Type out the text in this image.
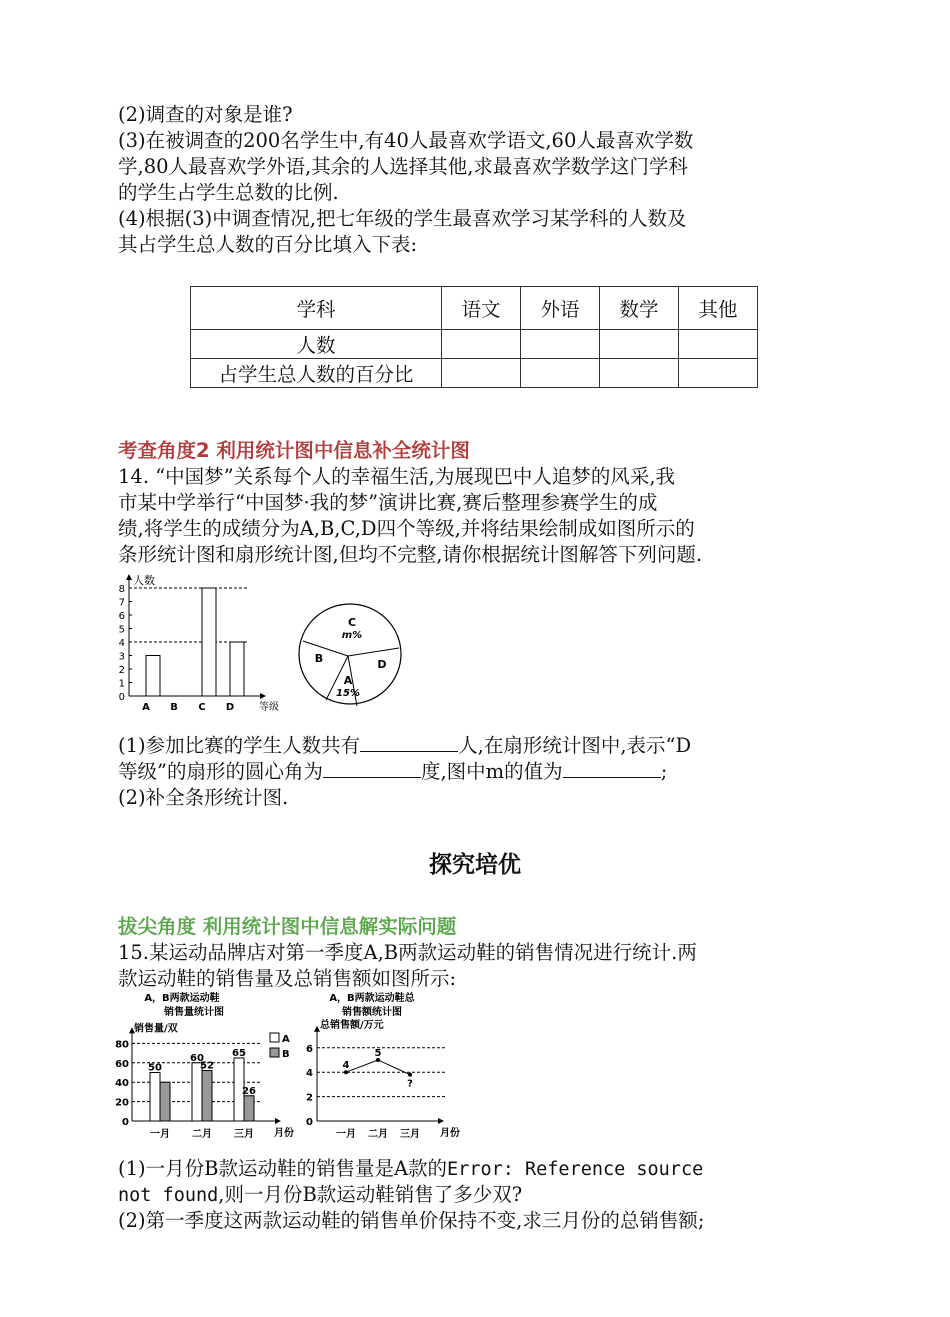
(2)调查的对象是谁?

(3)在被调查的200名学生中,有40人最喜欢学语文,60人最喜欢学数

学,80人最喜欢学外语,其余的人选择其他,求最喜欢学数学这门学科

的学生占学生总数的比例.

(4)根据(3)中调查情况,把七年级的学生最喜欢学习某学科的人数及

其占学生总人数的百分比填入下表:

学科	语文	外语	数学	其他
人数				
占学生总人数的百分比				

考查角度2 利用统计图中信息补全统计图

14. “中国梦”关系每个人的幸福生活,为展现巴中人追梦的风采,我

市某中学举行“中国梦·我的梦”演讲比赛,赛后整理参赛学生的成

绩,将学生的成绩分为A,B,C,D四个等级,并将结果绘制成如图所示的

条形统计图和扇形统计图,但均不完整,请你根据统计图解答下列问题.

0
1
2
3
4
5
6
7
8
人数
等级
A B C D
C
m%
D
A
15%
B

(1)参加比赛的学生人数共有	人,在扇形统计图中,表示“D

等级”的扇形的圆心角为	度,图中m的值为	;

(2)补全条形统计图.

探究培优

拔尖角度 利用统计图中信息解实际问题

15.某运动品牌店对第一季度A,B两款运动鞋的销售情况进行统计.两

款运动鞋的销售量及总销售额如图所示:

A，B两款运动鞋
销售量统计图
销售量/双
月份
0
20
40
60
80
一月
50
二月
60
52
三月
65
26
A
B
A，B两款运动鞋总
销售额统计图
总销售额/万元
月份
0
2
4
6
一月
4
二月
5
三月
?

(1)一月份B款运动鞋的销售量是A款的Error: Reference source

not found,则一月份B款运动鞋销售了多少双?

(2)第一季度这两款运动鞋的销售单价保持不变,求三月份的总销售额;
